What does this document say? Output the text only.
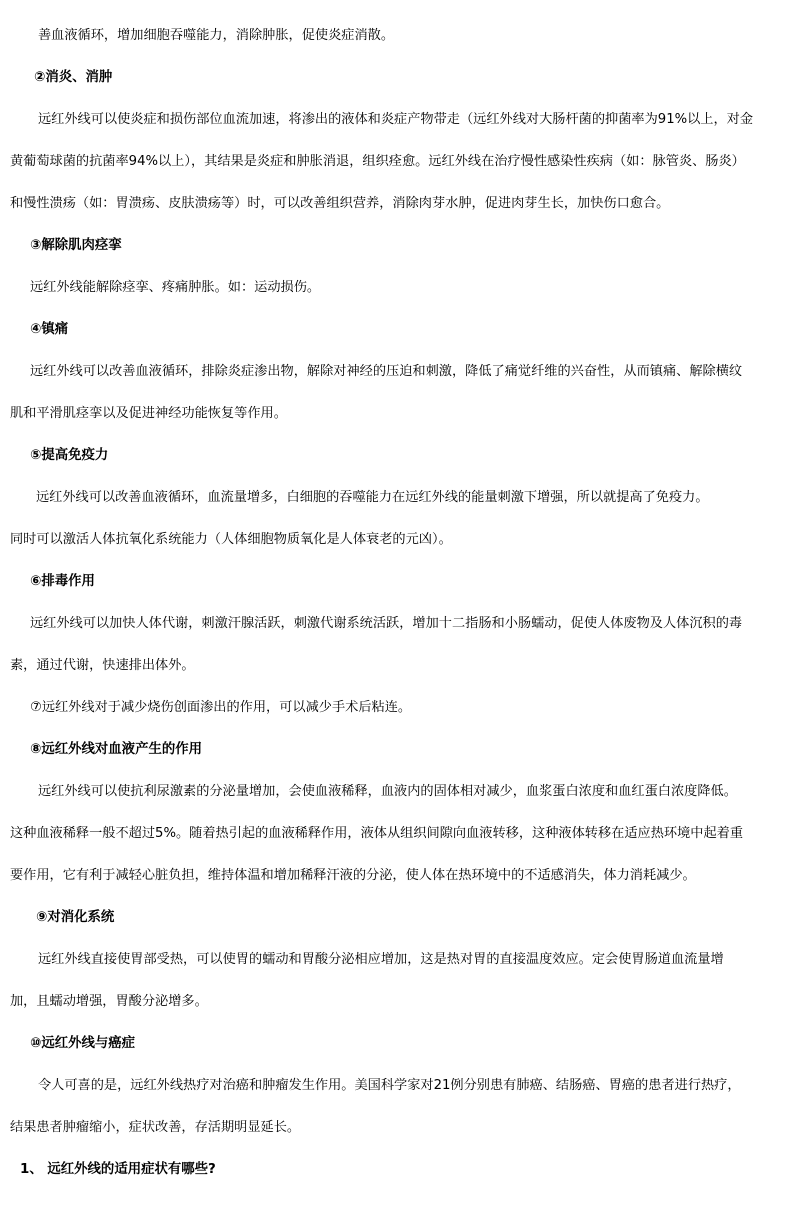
善血液循环，增加细胞吞噬能力，消除肿胀，促使炎症消散。
②消炎、消肿
远红外线可以使炎症和损伤部位血流加速，将渗出的液体和炎症产物带走（远红外线对大肠杆菌的抑菌率为91%以上，对金
黄葡萄球菌的抗菌率94%以上），其结果是炎症和肿胀消退，组织痊愈。远红外线在治疗慢性感染性疾病（如：脉管炎、肠炎）
和慢性溃疡（如：胃溃疡、皮肤溃疡等）时，可以改善组织营养，消除肉芽水肿，促进肉芽生长，加快伤口愈合。
③解除肌肉痉挛
远红外线能解除痉挛、疼痛肿胀。如：运动损伤。
④镇痛
远红外线可以改善血液循环，排除炎症渗出物，解除对神经的压迫和刺激，降低了痛觉纤维的兴奋性，从而镇痛、解除横纹
肌和平滑肌痉挛以及促进神经功能恢复等作用。
⑤提高免疫力
远红外线可以改善血液循环，血流量增多，白细胞的吞噬能力在远红外线的能量刺激下增强，所以就提高了免疫力。
同时可以激活人体抗氧化系统能力（人体细胞物质氧化是人体衰老的元凶）。
⑥排毒作用
远红外线可以加快人体代谢，刺激汗腺活跃，刺激代谢系统活跃，增加十二指肠和小肠蠕动，促使人体废物及人体沉积的毒
素，通过代谢，快速排出体外。
⑦远红外线对于减少烧伤创面渗出的作用，可以减少手术后粘连。
⑧远红外线对血液产生的作用
远红外线可以使抗利尿激素的分泌量增加，会使血液稀释，血液内的固体相对减少，血浆蛋白浓度和血红蛋白浓度降低。
这种血液稀释一般不超过5%。随着热引起的血液稀释作用，液体从组织间隙向血液转移，这种液体转移在适应热环境中起着重
要作用，它有利于减轻心脏负担，维持体温和增加稀释汗液的分泌，使人体在热环境中的不适感消失，体力消耗减少。
⑨对消化系统
远红外线直接使胃部受热，可以使胃的蠕动和胃酸分泌相应增加，这是热对胃的直接温度效应。定会使胃肠道血流量增
加，且蠕动增强，胃酸分泌增多。
⑩远红外线与癌症
令人可喜的是，远红外线热疗对治癌和肿瘤发生作用。美国科学家对21例分别患有肺癌、结肠癌、胃癌的患者进行热疗，
结果患者肿瘤缩小，症状改善，存活期明显延长。
1、 远红外线的适用症状有哪些?
